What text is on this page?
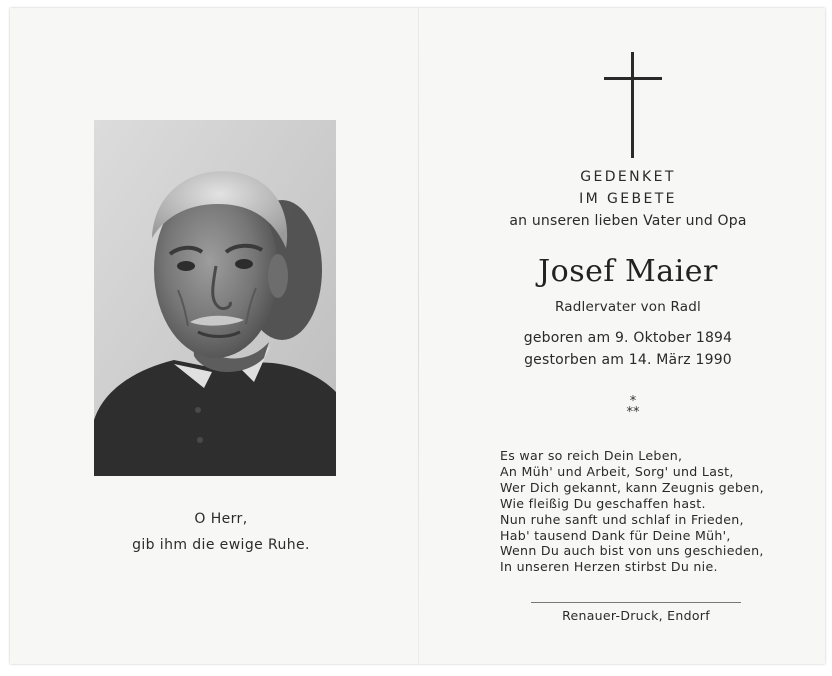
O Herr,
gib ihm die ewige Ruhe.
GEDENKET
IM GEBETE
an unseren lieben Vater und Opa
Josef Maier
Radlervater von Radl
geboren am 9. Oktober 1894
gestorben am 14. März 1990
*
**
Es war so reich Dein Leben,
An Müh' und Arbeit, Sorg' und Last,
Wer Dich gekannt, kann Zeugnis geben,
Wie fleißig Du geschaffen hast.
Nun ruhe sanft und schlaf in Frieden,
Hab' tausend Dank für Deine Müh',
Wenn Du auch bist von uns geschieden,
In unseren Herzen stirbst Du nie.
Renauer-Druck, Endorf
